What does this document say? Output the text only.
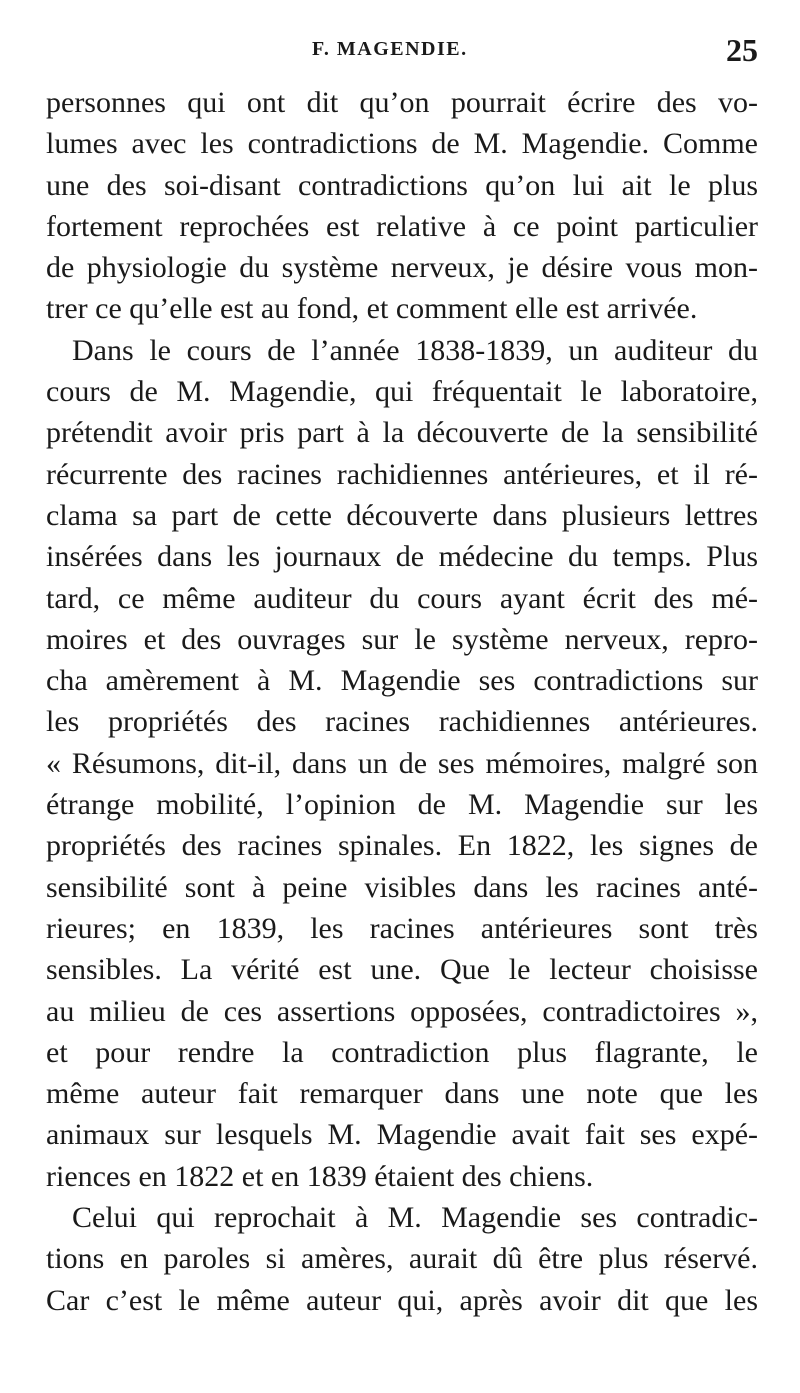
F. MAGENDIE.	25
personnes qui ont dit qu’on pourrait écrire des vo-
lumes avec les contradictions de M. Magendie. Comme
une des soi-disant contradictions qu’on lui ait le plus
fortement reprochées est relative à ce point particulier
de physiologie du système nerveux, je désire vous mon-
trer ce qu’elle est au fond, et comment elle est arrivée.
Dans le cours de l’année 1838-1839, un auditeur du
cours de M. Magendie, qui fréquentait le laboratoire,
prétendit avoir pris part à la découverte de la sensibilité
récurrente des racines rachidiennes antérieures, et il ré-
clama sa part de cette découverte dans plusieurs lettres
insérées dans les journaux de médecine du temps. Plus
tard, ce même auditeur du cours ayant écrit des mé-
moires et des ouvrages sur le système nerveux, repro-
cha amèrement à M. Magendie ses contradictions sur
les propriétés des racines rachidiennes antérieures.
« Résumons, dit-il, dans un de ses mémoires, malgré son
étrange mobilité, l’opinion de M. Magendie sur les
propriétés des racines spinales. En 1822, les signes de
sensibilité sont à peine visibles dans les racines anté-
rieures; en 1839, les racines antérieures sont très
sensibles. La vérité est une. Que le lecteur choisisse
au milieu de ces assertions opposées, contradictoires »,
et pour rendre la contradiction plus flagrante, le
même auteur fait remarquer dans une note que les
animaux sur lesquels M. Magendie avait fait ses expé-
riences en 1822 et en 1839 étaient des chiens.
Celui qui reprochait à M. Magendie ses contradic-
tions en paroles si amères, aurait dû être plus réservé.
Car c’est le même auteur qui, après avoir dit que les
